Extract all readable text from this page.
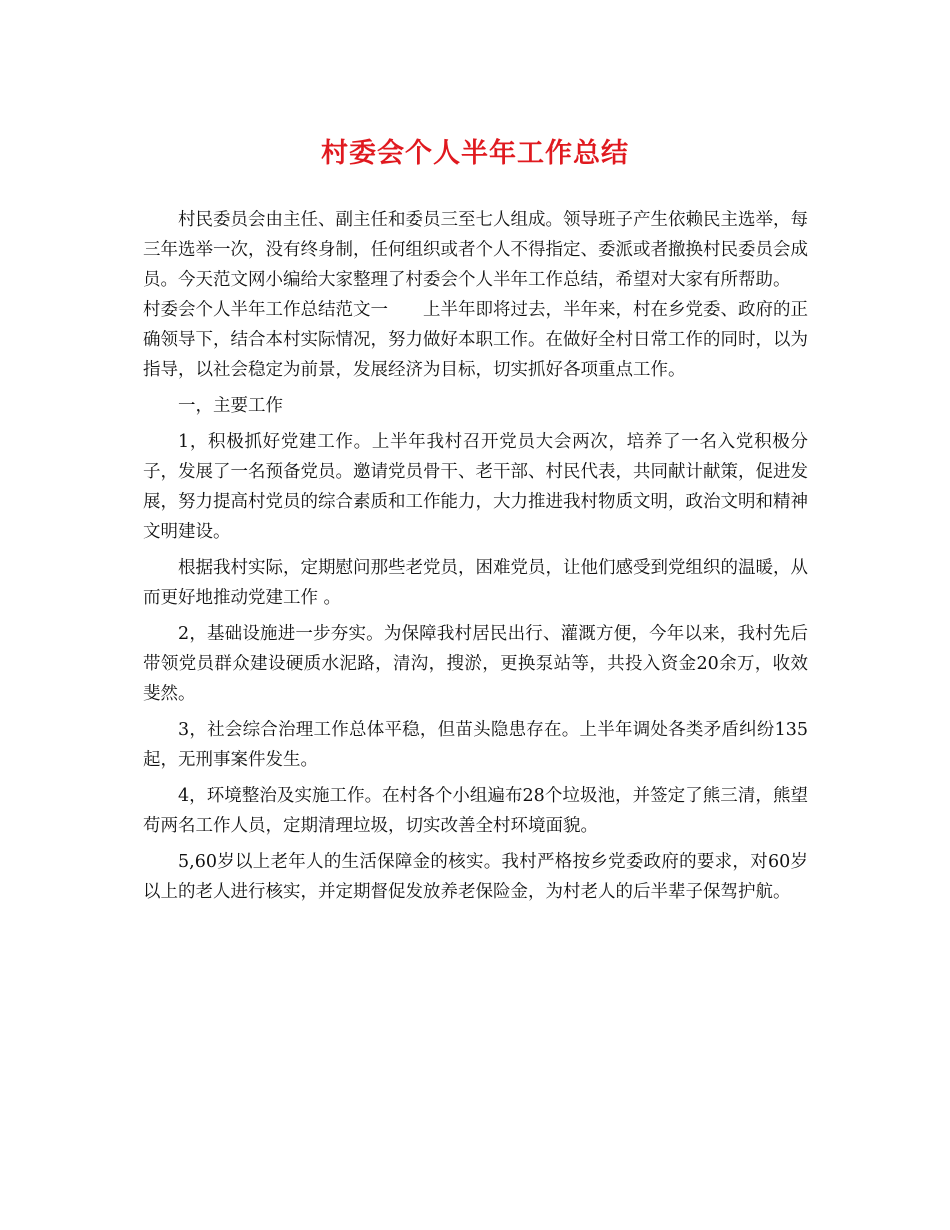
村委会个人半年工作总结

村民委员会由主任、副主任和委员三至七人组成。领导班子产生依赖民主选举，每三年选举一次，没有终身制，任何组织或者个人不得指定、委派或者撤换村民委员会成员。今天范文网小编给大家整理了村委会个人半年工作总结，希望对大家有所帮助。

村委会个人半年工作总结范文一　　上半年即将过去，半年来，村在乡党委、政府的正确领导下，结合本村实际情况，努力做好本职工作。在做好全村日常工作的同时，以为指导，以社会稳定为前景，发展经济为目标，切实抓好各项重点工作。

一，主要工作

1，积极抓好党建工作。上半年我村召开党员大会两次，培养了一名入党积极分子，发展了一名预备党员。邀请党员骨干、老干部、村民代表，共同献计献策，促进发展，努力提高村党员的综合素质和工作能力，大力推进我村物质文明，政治文明和精神文明建设。

根据我村实际，定期慰问那些老党员，困难党员，让他们感受到党组织的温暖，从而更好地推动党建工作 。

2，基础设施进一步夯实。为保障我村居民出行、灌溉方便，今年以来，我村先后带领党员群众建设硬质水泥路，清沟，搜淤，更换泵站等，共投入资金20余万，收效斐然。

3，社会综合治理工作总体平稳，但苗头隐患存在。上半年调处各类矛盾纠纷135起，无刑事案件发生。

4，环境整治及实施工作。在村各个小组遍布28个垃圾池，并签定了熊三清，熊望苟两名工作人员，定期清理垃圾，切实改善全村环境面貌。

5,60岁以上老年人的生活保障金的核实。我村严格按乡党委政府的要求，对60岁以上的老人进行核实，并定期督促发放养老保险金，为村老人的后半辈子保驾护航。
